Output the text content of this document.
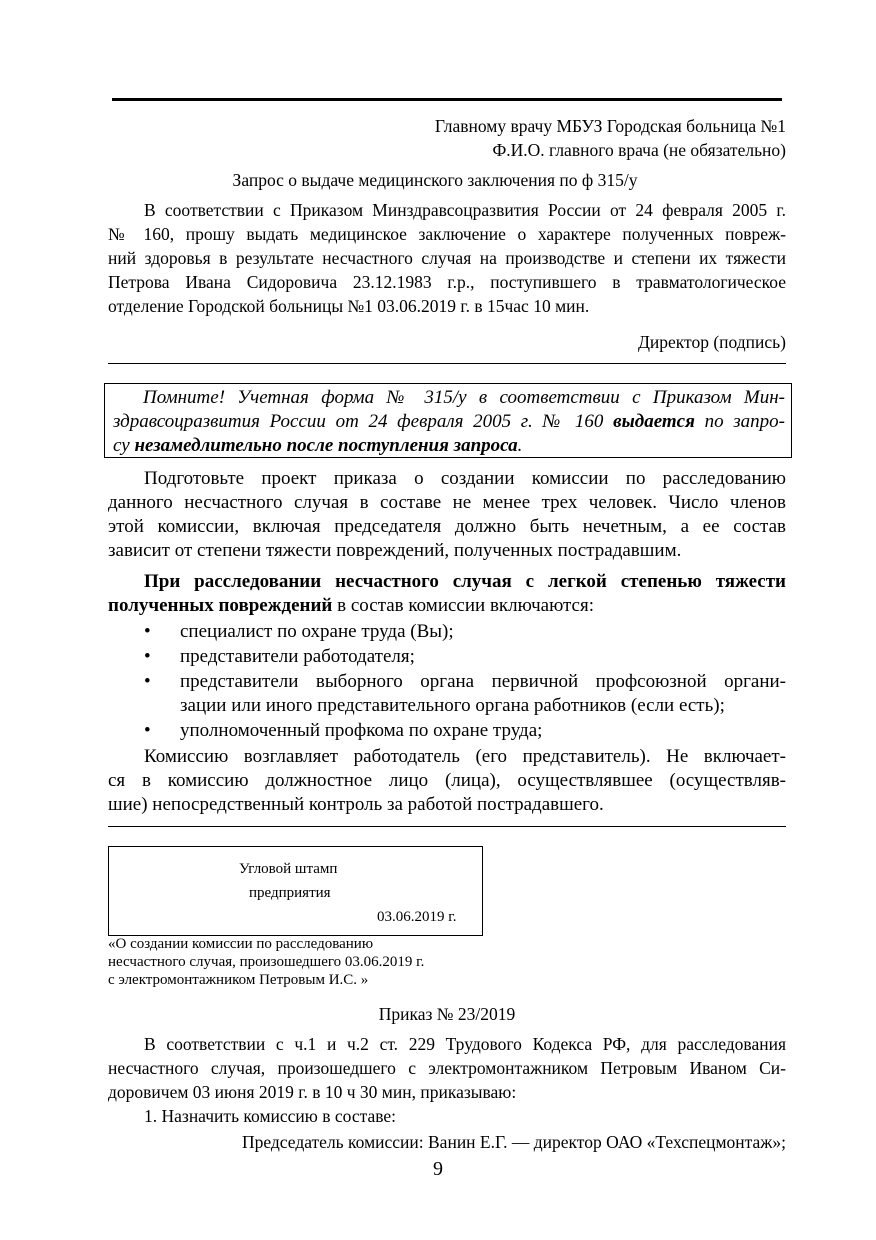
Главному врачу МБУЗ Городская больница №1
Ф.И.О. главного врача (не обязательно)
Запрос о выдаче медицинского заключения по ф 315/у
В соответствии с Приказом Минздравсоцразвития России от 24 февраля 2005 г.
№ 160, прошу выдать медицинское заключение о характере полученных повреж-
ний здоровья в результате несчастного случая на производстве и степени их тяжести
Петрова Ивана Сидоровича 23.12.1983 г.р., поступившего в травматологическое
отделение Городской больницы №1 03.06.2019 г. в 15час 10 мин.
Директор (подпись)
Помните! Учетная форма № 315/у в соответствии с Приказом Мин-
здравсоцразвития России от 24 февраля 2005 г. № 160 выдается по запро-
су незамедлительно после поступления запроса.
Подготовьте проект приказа о создании комиссии по расследованию
данного несчастного случая в составе не менее трех человек. Число членов
этой комиссии, включая председателя должно быть нечетным, а ее состав
зависит от степени тяжести повреждений, полученных пострадавшим.
При расследовании несчастного случая с легкой степенью тяжести
полученных повреждений в состав комиссии включаются:
• специалист по охране труда (Вы);
• представители работодателя;
• представители выборного органа первичной профсоюзной органи-
зации или иного представительного органа работников (если есть);
• уполномоченный профкома по охране труда;
Комиссию возглавляет работодатель (его представитель). Не включает-
ся в комиссию должностное лицо (лица), осуществлявшее (осуществляв-
шие) непосредственный контроль за работой пострадавшего.
Угловой штамп
предприятия
03.06.2019 г.
«О создании комиссии по расследованию
несчастного случая, произошедшего 03.06.2019 г.
с электромонтажником Петровым И.С. »
Приказ № 23/2019
В соответствии с ч.1 и ч.2 ст. 229 Трудового Кодекса РФ, для расследования
несчастного случая, произошедшего с электромонтажником Петровым Иваном Си-
доровичем 03 июня 2019 г. в 10 ч 30 мин, приказываю:
1. Назначить комиссию в составе:
Председатель комиссии: Ванин Е.Г. — директор ОАО «Техспецмонтаж»;
9
